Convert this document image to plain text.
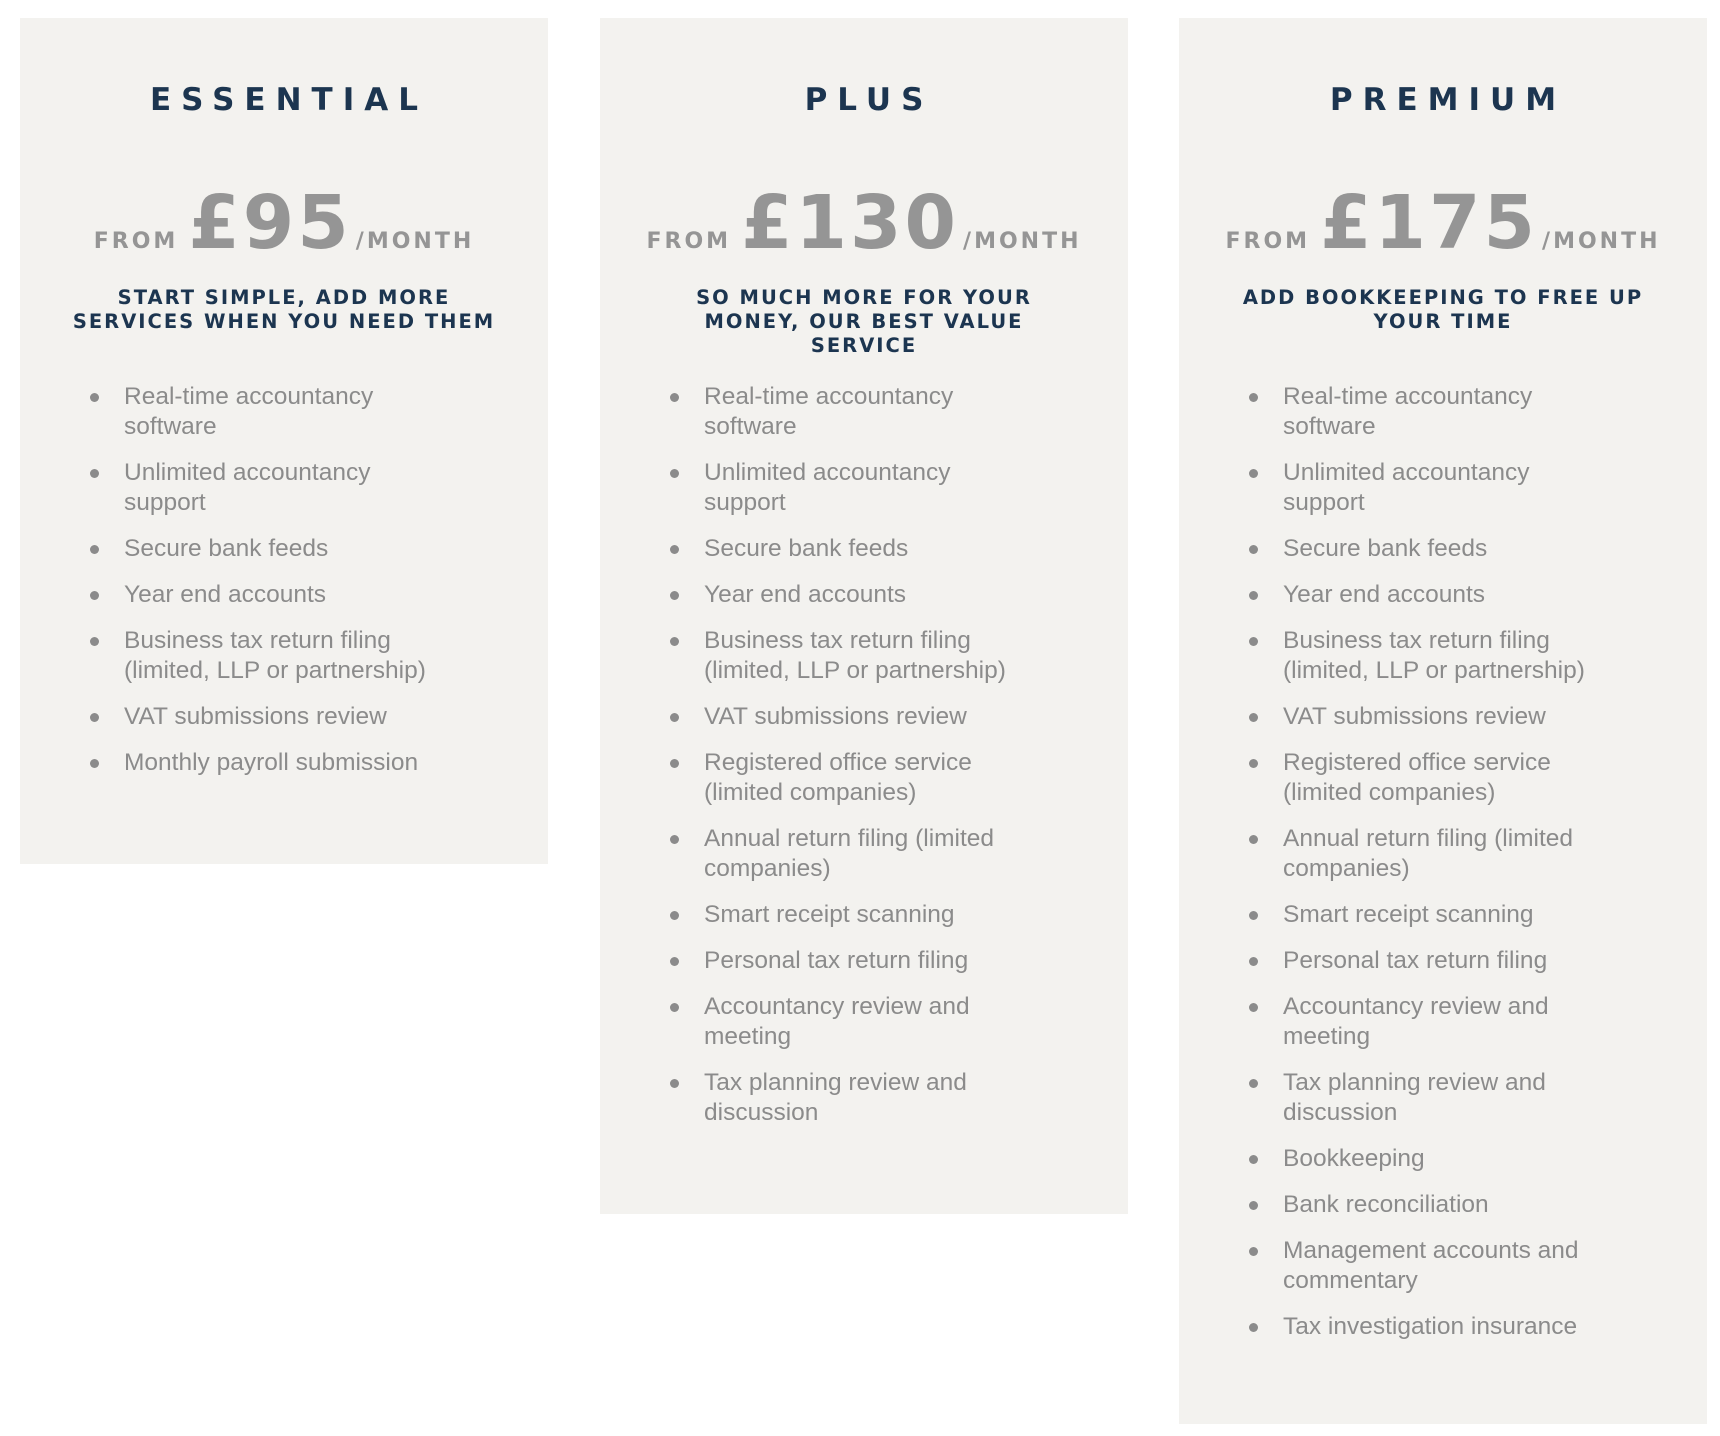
ESSENTIAL
FROM £95 /MONTH
START SIMPLE, ADD MORE SERVICES WHEN YOU NEED THEM
Real-time accountancy software
Unlimited accountancy support
Secure bank feeds
Year end accounts
Business tax return filing (limited, LLP or partnership)
VAT submissions review
Monthly payroll submission
PLUS
FROM £130 /MONTH
SO MUCH MORE FOR YOUR MONEY, OUR BEST VALUE SERVICE
Real-time accountancy software
Unlimited accountancy support
Secure bank feeds
Year end accounts
Business tax return filing (limited, LLP or partnership)
VAT submissions review
Registered office service (limited companies)
Annual return filing (limited companies)
Smart receipt scanning
Personal tax return filing
Accountancy review and meeting
Tax planning review and discussion
PREMIUM
FROM £175 /MONTH
ADD BOOKKEEPING TO FREE UP YOUR TIME
Real-time accountancy software
Unlimited accountancy support
Secure bank feeds
Year end accounts
Business tax return filing (limited, LLP or partnership)
VAT submissions review
Registered office service (limited companies)
Annual return filing (limited companies)
Smart receipt scanning
Personal tax return filing
Accountancy review and meeting
Tax planning review and discussion
Bookkeeping
Bank reconciliation
Management accounts and commentary
Tax investigation insurance
